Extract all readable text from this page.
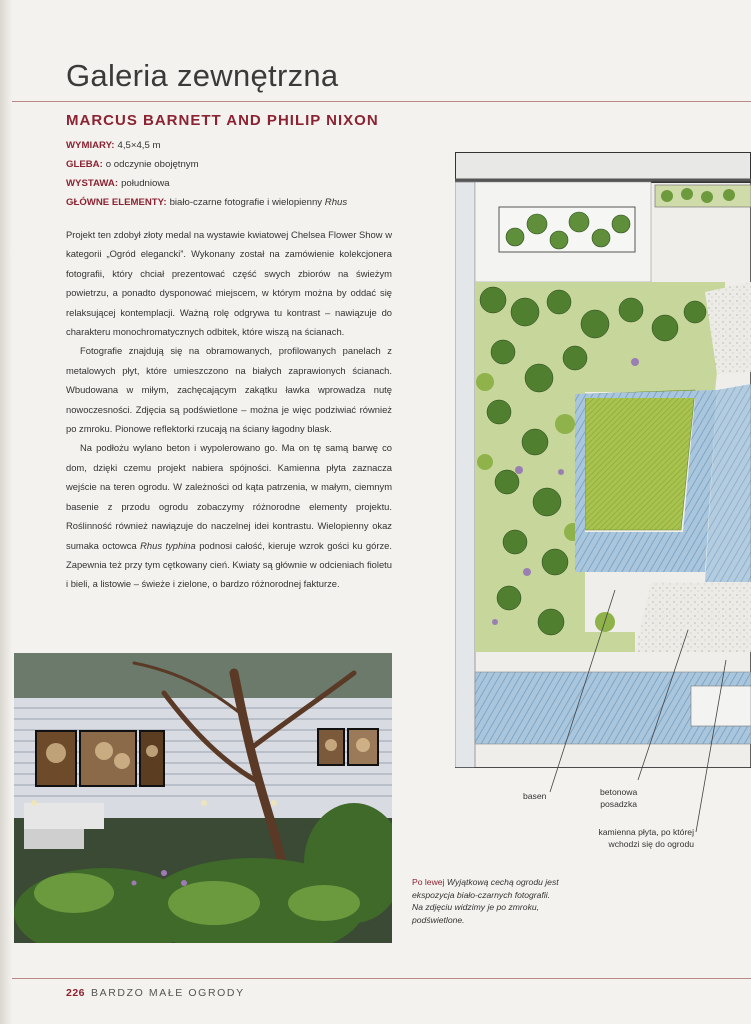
Galeria zewnętrzna
MARCUS BARNETT AND PHILIP NIXON
WYMIARY: 4,5×4,5 m
GLEBA: o odczynie obojętnym
WYSTAWA: południowa
GŁÓWNE ELEMENTY: biało-czarne fotografie i wielopienny Rhus

Projekt ten zdobył złoty medal na wystawie kwiatowej Chelsea Flower Show w kategorii „Ogród elegancki”. Wykonany został na zamówienie kolekcjonera fotografii, który chciał prezentować część swych zbiorów na świeżym powietrzu, a ponadto dysponować miejscem, w którym można by oddać się relaksującej kontemplacji. Ważną rolę odgrywa tu kontrast – nawiązuje do charakteru monochromatycznych odbitek, które wiszą na ścianach.

Fotografie znajdują się na obramowanych, profilowanych panelach z metalowych płyt, które umieszczono na białych zaprawionych ścianach. Wbudowana w miłym, zachęcającym zakątku ławka wprowadza nutę nowoczesności. Zdjęcia są podświetlone – można je więc podziwiać również po zmroku. Pionowe reflektorki rzucają na ściany łagodny blask.

Na podłożu wylano beton i wypolerowano go. Ma on tę samą barwę co dom, dzięki czemu projekt nabiera spójności. Kamienna płyta zaznacza wejście na teren ogrodu. W zależności od kąta patrzenia, w małym, ciemnym basenie z przodu ogrodu zobaczymy różnorodne elementy projektu. Roślinność również nawiązuje do naczelnej idei kontrastu. Wielopienny okaz sumaka octowca Rhus typhina podnosi całość, kieruje wzrok gości ku górze. Zapewnia też przy tym cętkowany cień. Kwiaty są głównie w odcieniach fioletu i bieli, a listowie – świeże i zielone, o bardzo różnorodnej fakturze.

basen	betonowa
posadzka
kamienna płyta, po której
wchodzi się do ogrodu
Po lewej Wyjątkową cechą ogrodu jest ekspozycja biało-czarnych fotografii. Na zdjęciu widzimy je po zmroku, podświetlone.
226 BARDZO MAŁE OGRODY
